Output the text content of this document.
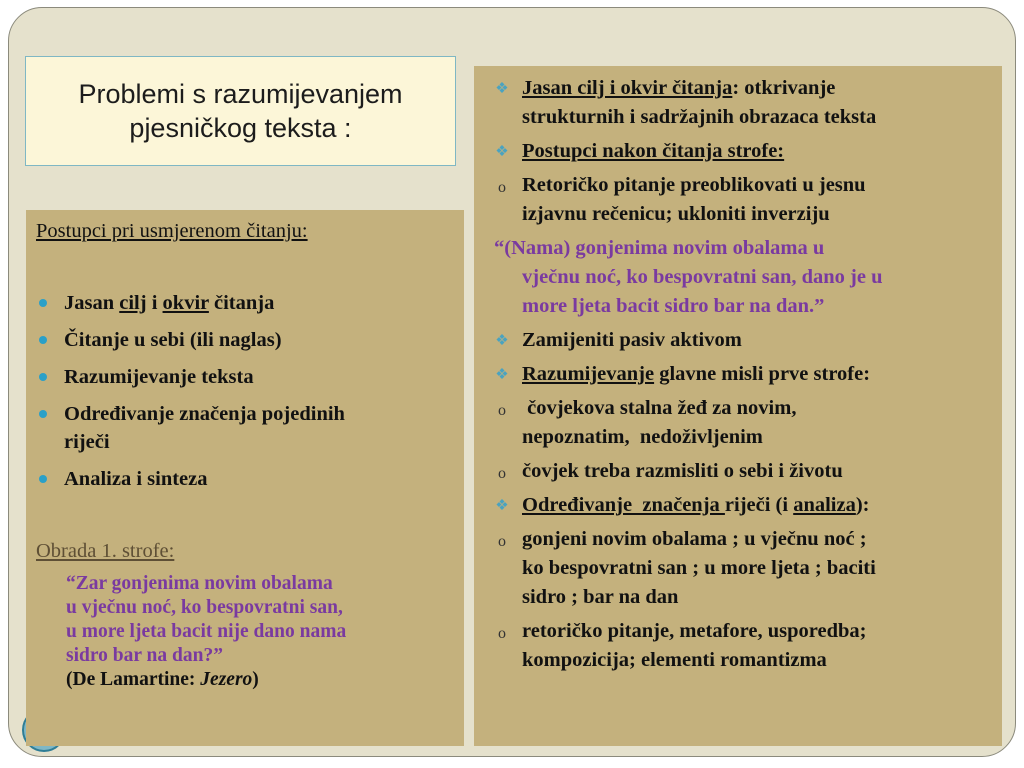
Problemi s razumijevanjem
pjesničkog teksta :

Postupci pri usmjerenom čitanju:

Jasan cilj i okvir čitanja
Čitanje u sebi (ili naglas)
Razumijevanje teksta
Određivanje značenja pojedinih
riječi
Analiza i sinteza

Obrada 1. strofe:

“Zar gonjenima novim obalama
u vječnu noć, ko bespovratni san,
u more ljeta bacit nije dano nama
sidro bar na dan?”

(De Lamartine: Jezero)

❖ Jasan cilj i okvir čitanja: otkrivanje
strukturnih i sadržajnih obrazaca teksta
❖ Postupci nakon čitanja strofe:
o Retoričko pitanje preoblikovati u jesnu
izjavnu rečenicu; ukloniti inverziju
“(Nama) gonjenima novim obalama u
vječnu noć, ko bespovratni san, dano je u
more ljeta bacit sidro bar na dan.”
❖ Zamijeniti pasiv aktivom
❖ Razumijevanje glavne misli prve strofe:
o čovjekova stalna žeđ za novim,
nepoznatim,  nedoživljenim
o čovjek treba razmisliti o sebi i životu
❖ Određivanje  značenja riječi (i analiza):
o gonjeni novim obalama ; u vječnu noć ;
ko bespovratni san ; u more ljeta ; baciti
sidro ; bar na dan
o retoričko pitanje, metafore, usporedba;
kompozicija; elementi romantizma
